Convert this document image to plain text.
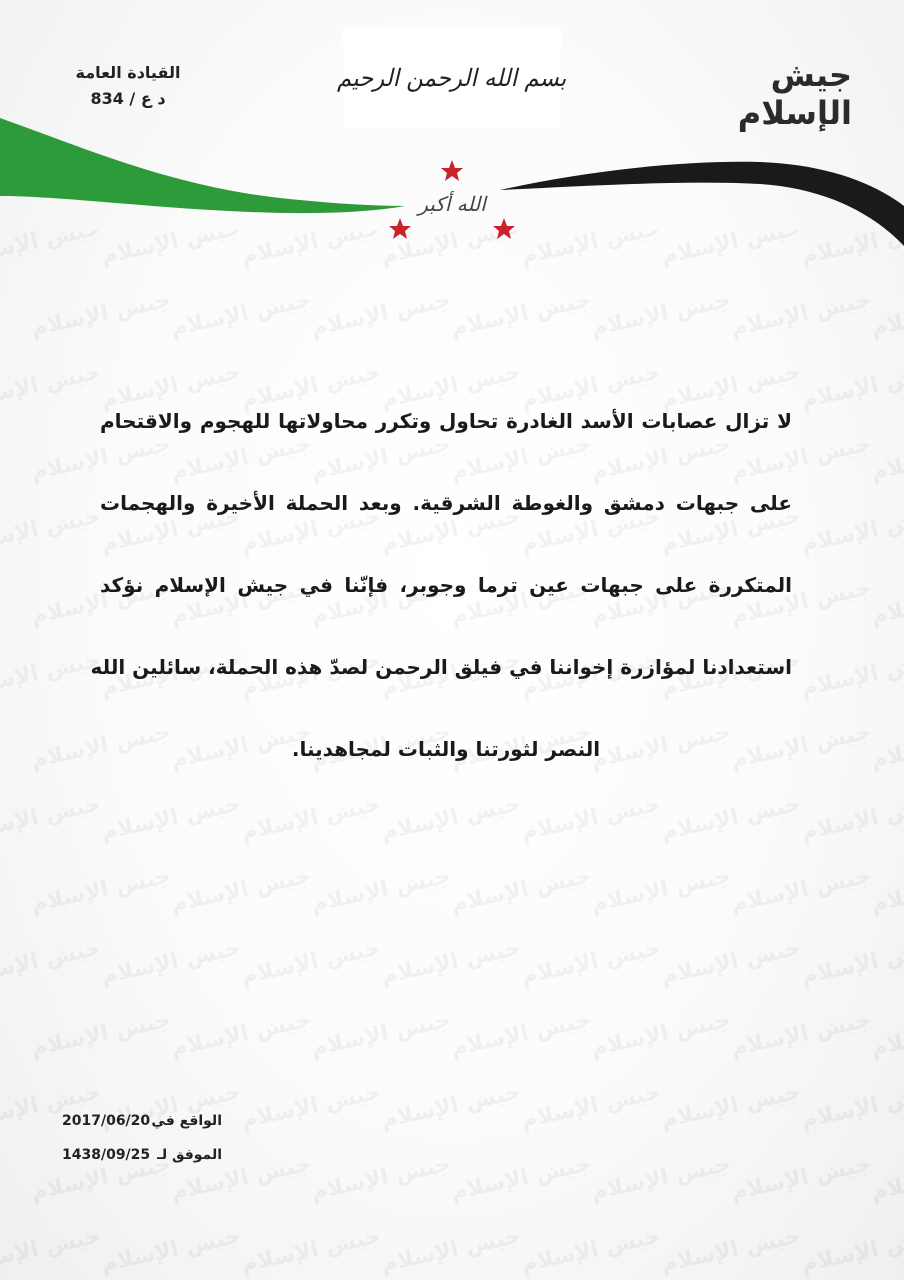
القيادة العامة
د ع / 834
بسم الله الرحمن الرحيم	جيش الإسلام
الله أكبر
لا تزال عصابات الأسد الغادرة تحاول وتكرر محاولاتها للهجوم والاقتحام
على جبهات دمشق والغوطة الشرقية. وبعد الحملة الأخيرة والهجمات
المتكررة على جبهات عين ترما وجوبر، فإنّنا في جيش الإسلام نؤكد
استعدادنا لمؤازرة إخواننا في فيلق الرحمن لصدّ هذه الحملة، سائلين الله
النصر لثورتنا والثبات لمجاهدينا.
2017/06/20 الواقع في
1438/09/25 الموفق لـ
